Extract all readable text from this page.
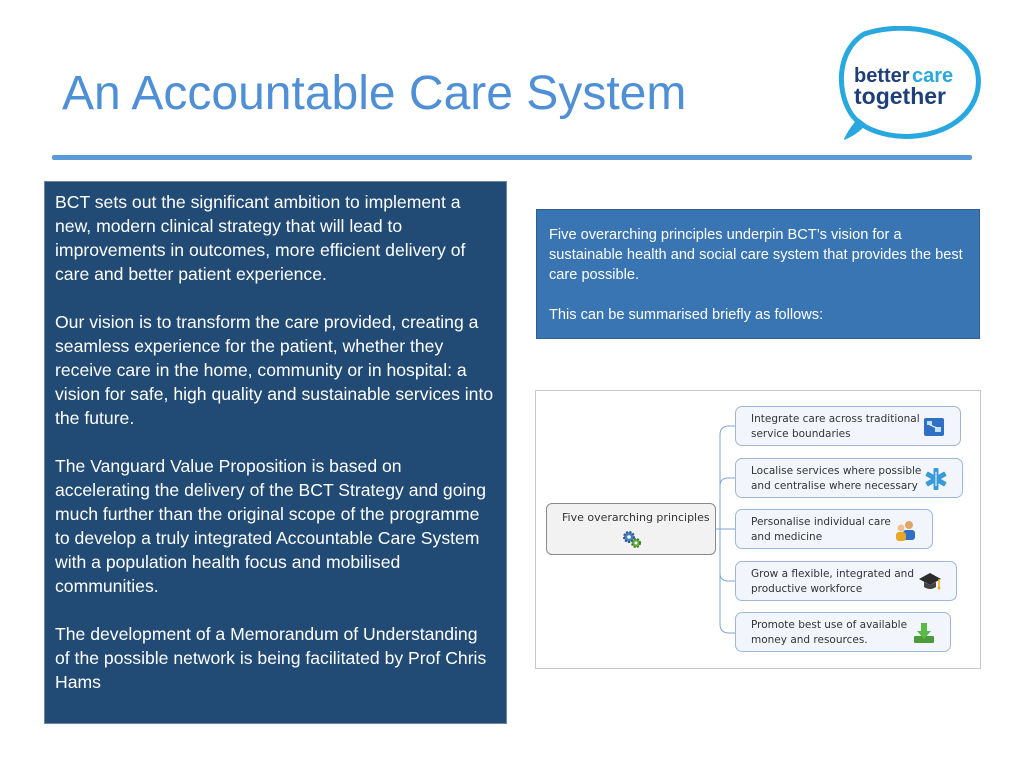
An Accountable Care System	better care
together

BCT sets out the significant ambition to implement a new, modern clinical strategy that will lead to improvements in outcomes, more efficient delivery of care and better patient experience.

Our vision is to transform the care provided, creating a seamless experience for the patient, whether they receive care in the home, community or in hospital: a vision for safe, high quality and sustainable services into the future.

The Vanguard Value Proposition is based on accelerating the delivery of the BCT Strategy and going much further than the original scope of the programme to develop a truly integrated Accountable Care System with a population health focus and mobilised communities.

The development of a Memorandum of Understanding of the possible network is being facilitated by Prof Chris Hams

Five overarching principles underpin BCT’s vision for a sustainable health and social care system that provides the best care possible.

This can be summarised briefly as follows:

Five overarching principles
Integrate care across traditional
service boundaries
Localise services where possible
and centralise where necessary
Personalise individual care
and medicine
Grow a flexible, integrated and
productive workforce
Promote best use of available
money and resources.
